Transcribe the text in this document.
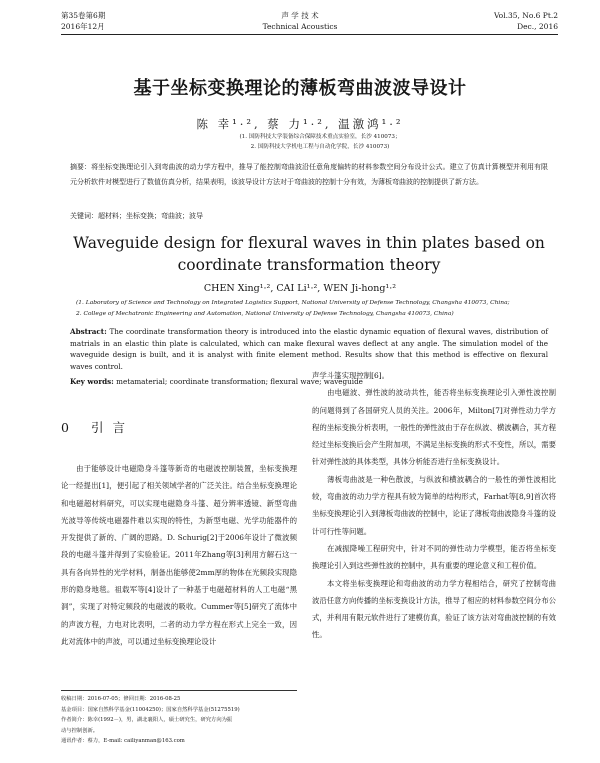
第35卷第6期
2016年12月
声 学 技 术
Technical Acoustics
Vol.35, No.6 Pt.2
Dec., 2016
基于坐标变换理论的薄板弯曲波波导设计
陈 幸¹·², 蔡 力¹·², 温激鸿¹·²
(1. 国防科技大学装备综合保障技术重点实验室，长沙 410073；
2. 国防科技大学机电工程与自动化学院，长沙 410073)
摘要：将坐标变换理论引入到弯曲波的动力学方程中，推导了能控制弯曲波沿任意角度偏转的材料参数空间分布设计公式。建立了仿真计算模型并利用有限元分析软件对模型进行了数值仿真分析，结果表明，该波导设计方法对于弯曲波的控制十分有效，为薄板弯曲波的控制提供了新方法。
关键词：超材料；坐标变换；弯曲波；波导
Waveguide design for flexural waves in thin plates based on coordinate transformation theory
CHEN Xing¹·², CAI Li¹·², WEN Ji-hong¹·²
(1. Laboratory of Science and Technology on Integrated Logistics Support, National University of Defense Technology, Changsha 410073, China;
2. College of Mechatronic Engineering and Automation, National University of Defense Technology, Changsha 410073, China)
Abstract: The coordinate transformation theory is introduced into the elastic dynamic equation of flexural waves, distribution of matrials in an elastic thin plate is calculated, which can make flexural waves deflect at any angle. The simulation model of the waveguide design is built, and it is analyst with finite element method. Results show that this method is effective on flexural waves control.
Key words: metamaterial; coordinate transformation; flexural wave; waveguide
0 引言

由于能够设计电磁隐身斗篷等新奇的电磁波控制装置，坐标变换理论一经提出[1]，便引起了相关领域学者的广泛关注。结合坐标变换理论和电磁超材料研究，可以实现电磁隐身斗篷、超分辨率透镜、新型弯曲光波导等传统电磁器件难以实现的特性，为新型电磁、光学功能器件的开发提供了新的、广阔的思路。D. Schurig[2]于2006年设计了微波频段的电磁斗篷并得到了实验验证。2011年Zhang等[3]利用方解石这一具有各向异性的光学材料，制备出能够使2mm厚的物体在光频段实现隐形的隐身地毯。祖载军等[4]设计了一种基于电磁超材料的人工电磁“黑洞”，实现了对特定频段的电磁波的吸收。Cummer等[5]研究了流体中的声波方程，力电对比表明，二者的动力学方程在形式上完全一致，因此对流体中的声波，可以通过坐标变换理论设计

声学斗篷实现控制[6]。

由电磁波、弹性波的波动共性，能否将坐标变换理论引入弹性波控制的问题得到了各国研究人员的关注。2006年，Milton[7]对弹性动力学方程的坐标变换分析表明，一般性的弹性波由于存在纵波、横波耦合，其方程经过坐标变换后会产生附加项，不满足坐标变换的形式不变性，所以，需要针对弹性波的具体类型，具体分析能否进行坐标变换设计。

薄板弯曲波是一种色散波，与纵波和横波耦合的一般性的弹性波相比较，弯曲波的动力学方程具有较为简单的结构形式，Farhat等[8,9]首次将坐标变换理论引入到薄板弯曲波的控制中，论证了薄板弯曲波隐身斗篷的设计可行性等问题。

在减振降噪工程研究中，针对不同的弹性动力学模型，能否将坐标变换理论引入到这些弹性波的控制中，具有重要的理论意义和工程价值。

本文将坐标变换理论和弯曲波的动力学方程相结合，研究了控制弯曲波沿任意方向传播的坐标变换设计方法，推导了相应的材料参数空间分布公式，并利用有限元软件进行了建模仿真，验证了该方法对弯曲波控制的有效性。

收稿日期：2016-07-05；修回日期：2016-08-25
基金项目：国家自然科学基金(11004250)；国家自然科学基金(51275519)
作者简介：陈幸(1992－)，男，湖北襄阳人，硕士研究生，研究方向为振
动与控制创新。
通讯作者：蔡力，E-mail: cailiyanman@163.com
